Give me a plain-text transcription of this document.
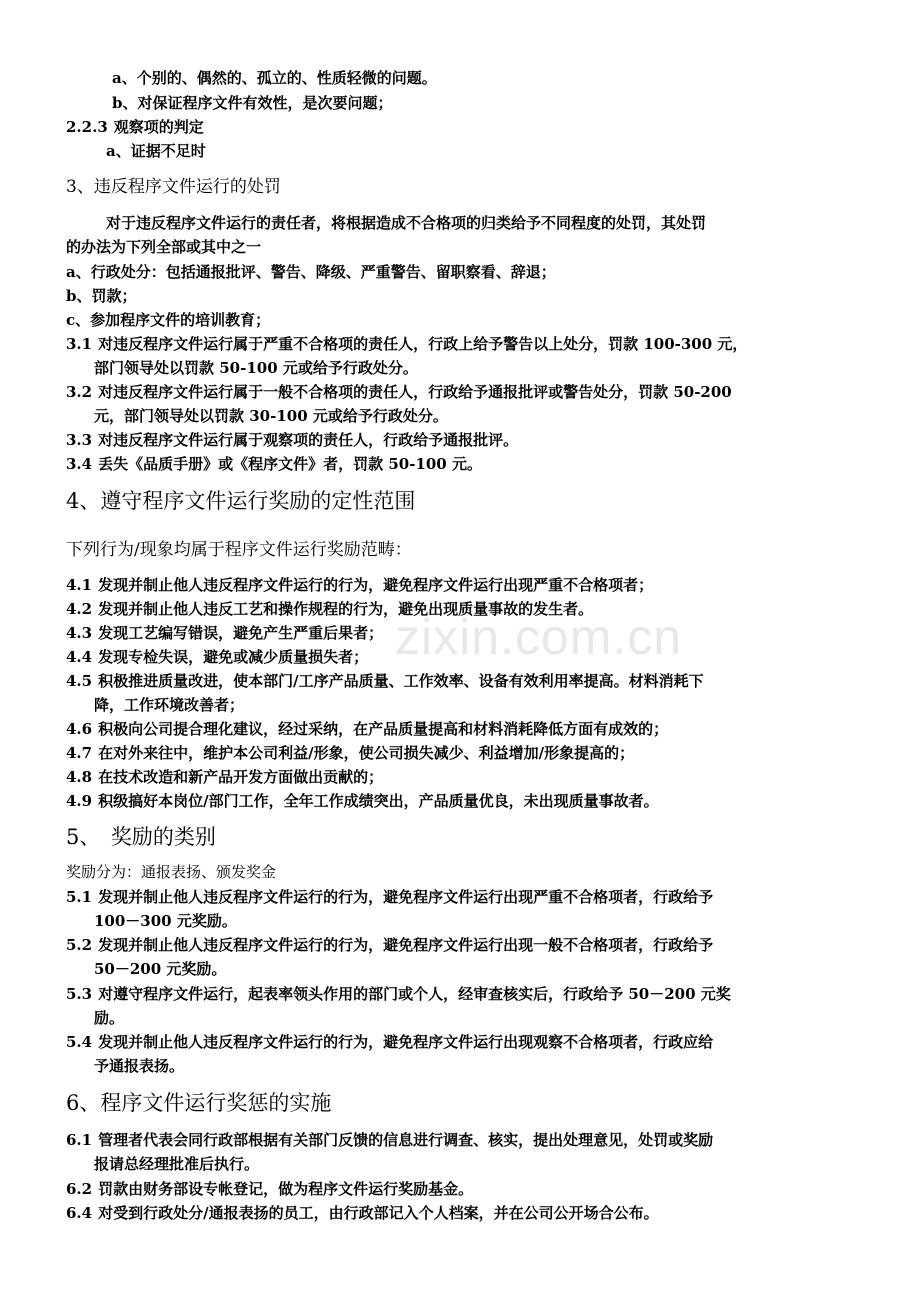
zixin.com.cn
a、个别的、偶然的、孤立的、性质轻微的问题。
b、对保证程序文件有效性，是次要问题；
2.2.3 观察项的判定
a、证据不足时
3、违反程序文件运行的处罚
对于违反程序文件运行的责任者，将根据造成不合格项的归类给予不同程度的处罚，其处罚
的办法为下列全部或其中之一
a、行政处分：包括通报批评、警告、降级、严重警告、留职察看、辞退；
b、罚款；
c、参加程序文件的培训教育；
3.1 对违反程序文件运行属于严重不合格项的责任人，行政上给予警告以上处分，罚款 100-300 元，
部门领导处以罚款 50-100 元或给予行政处分。
3.2 对违反程序文件运行属于一般不合格项的责任人，行政给予通报批评或警告处分，罚款 50-200
元，部门领导处以罚款 30-100 元或给予行政处分。
3.3 对违反程序文件运行属于观察项的责任人，行政给予通报批评。
3.4 丢失《品质手册》或《程序文件》者，罚款 50-100 元。
4、遵守程序文件运行奖励的定性范围
下列行为/现象均属于程序文件运行奖励范畴：
4.1 发现并制止他人违反程序文件运行的行为，避免程序文件运行出现严重不合格项者；
4.2 发现并制止他人违反工艺和操作规程的行为，避免出现质量事故的发生者。
4.3 发现工艺编写错误，避免产生严重后果者；
4.4 发现专检失误，避免或减少质量损失者；
4.5 积极推进质量改进，使本部门/工序产品质量、工作效率、设备有效利用率提高。材料消耗下
降，工作环境改善者；
4.6 积极向公司提合理化建议，经过采纳，在产品质量提高和材料消耗降低方面有成效的；
4.7 在对外来往中，维护本公司利益/形象，使公司损失减少、利益增加/形象提高的；
4.8 在技术改造和新产品开发方面做出贡献的；
4.9 积级搞好本岗位/部门工作，全年工作成绩突出，产品质量优良，未出现质量事故者。
5、　奖励的类别
奖励分为：通报表扬、颁发奖金
5.1 发现并制止他人违反程序文件运行的行为，避免程序文件运行出现严重不合格项者，行政给予
100－300 元奖励。
5.2 发现并制止他人违反程序文件运行的行为，避免程序文件运行出现一般不合格项者，行政给予
50－200 元奖励。
5.3 对遵守程序文件运行，起表率领头作用的部门或个人，经审查核实后，行政给予 50－200 元奖
励。
5.4 发现并制止他人违反程序文件运行的行为，避免程序文件运行出现观察不合格项者，行政应给
予通报表扬。
6、程序文件运行奖惩的实施
6.1 管理者代表会同行政部根据有关部门反馈的信息进行调查、核实，提出处理意见，处罚或奖励
报请总经理批准后执行。
6.2 罚款由财务部设专帐登记，做为程序文件运行奖励基金。
6.4 对受到行政处分/通报表扬的员工，由行政部记入个人档案，并在公司公开场合公布。
